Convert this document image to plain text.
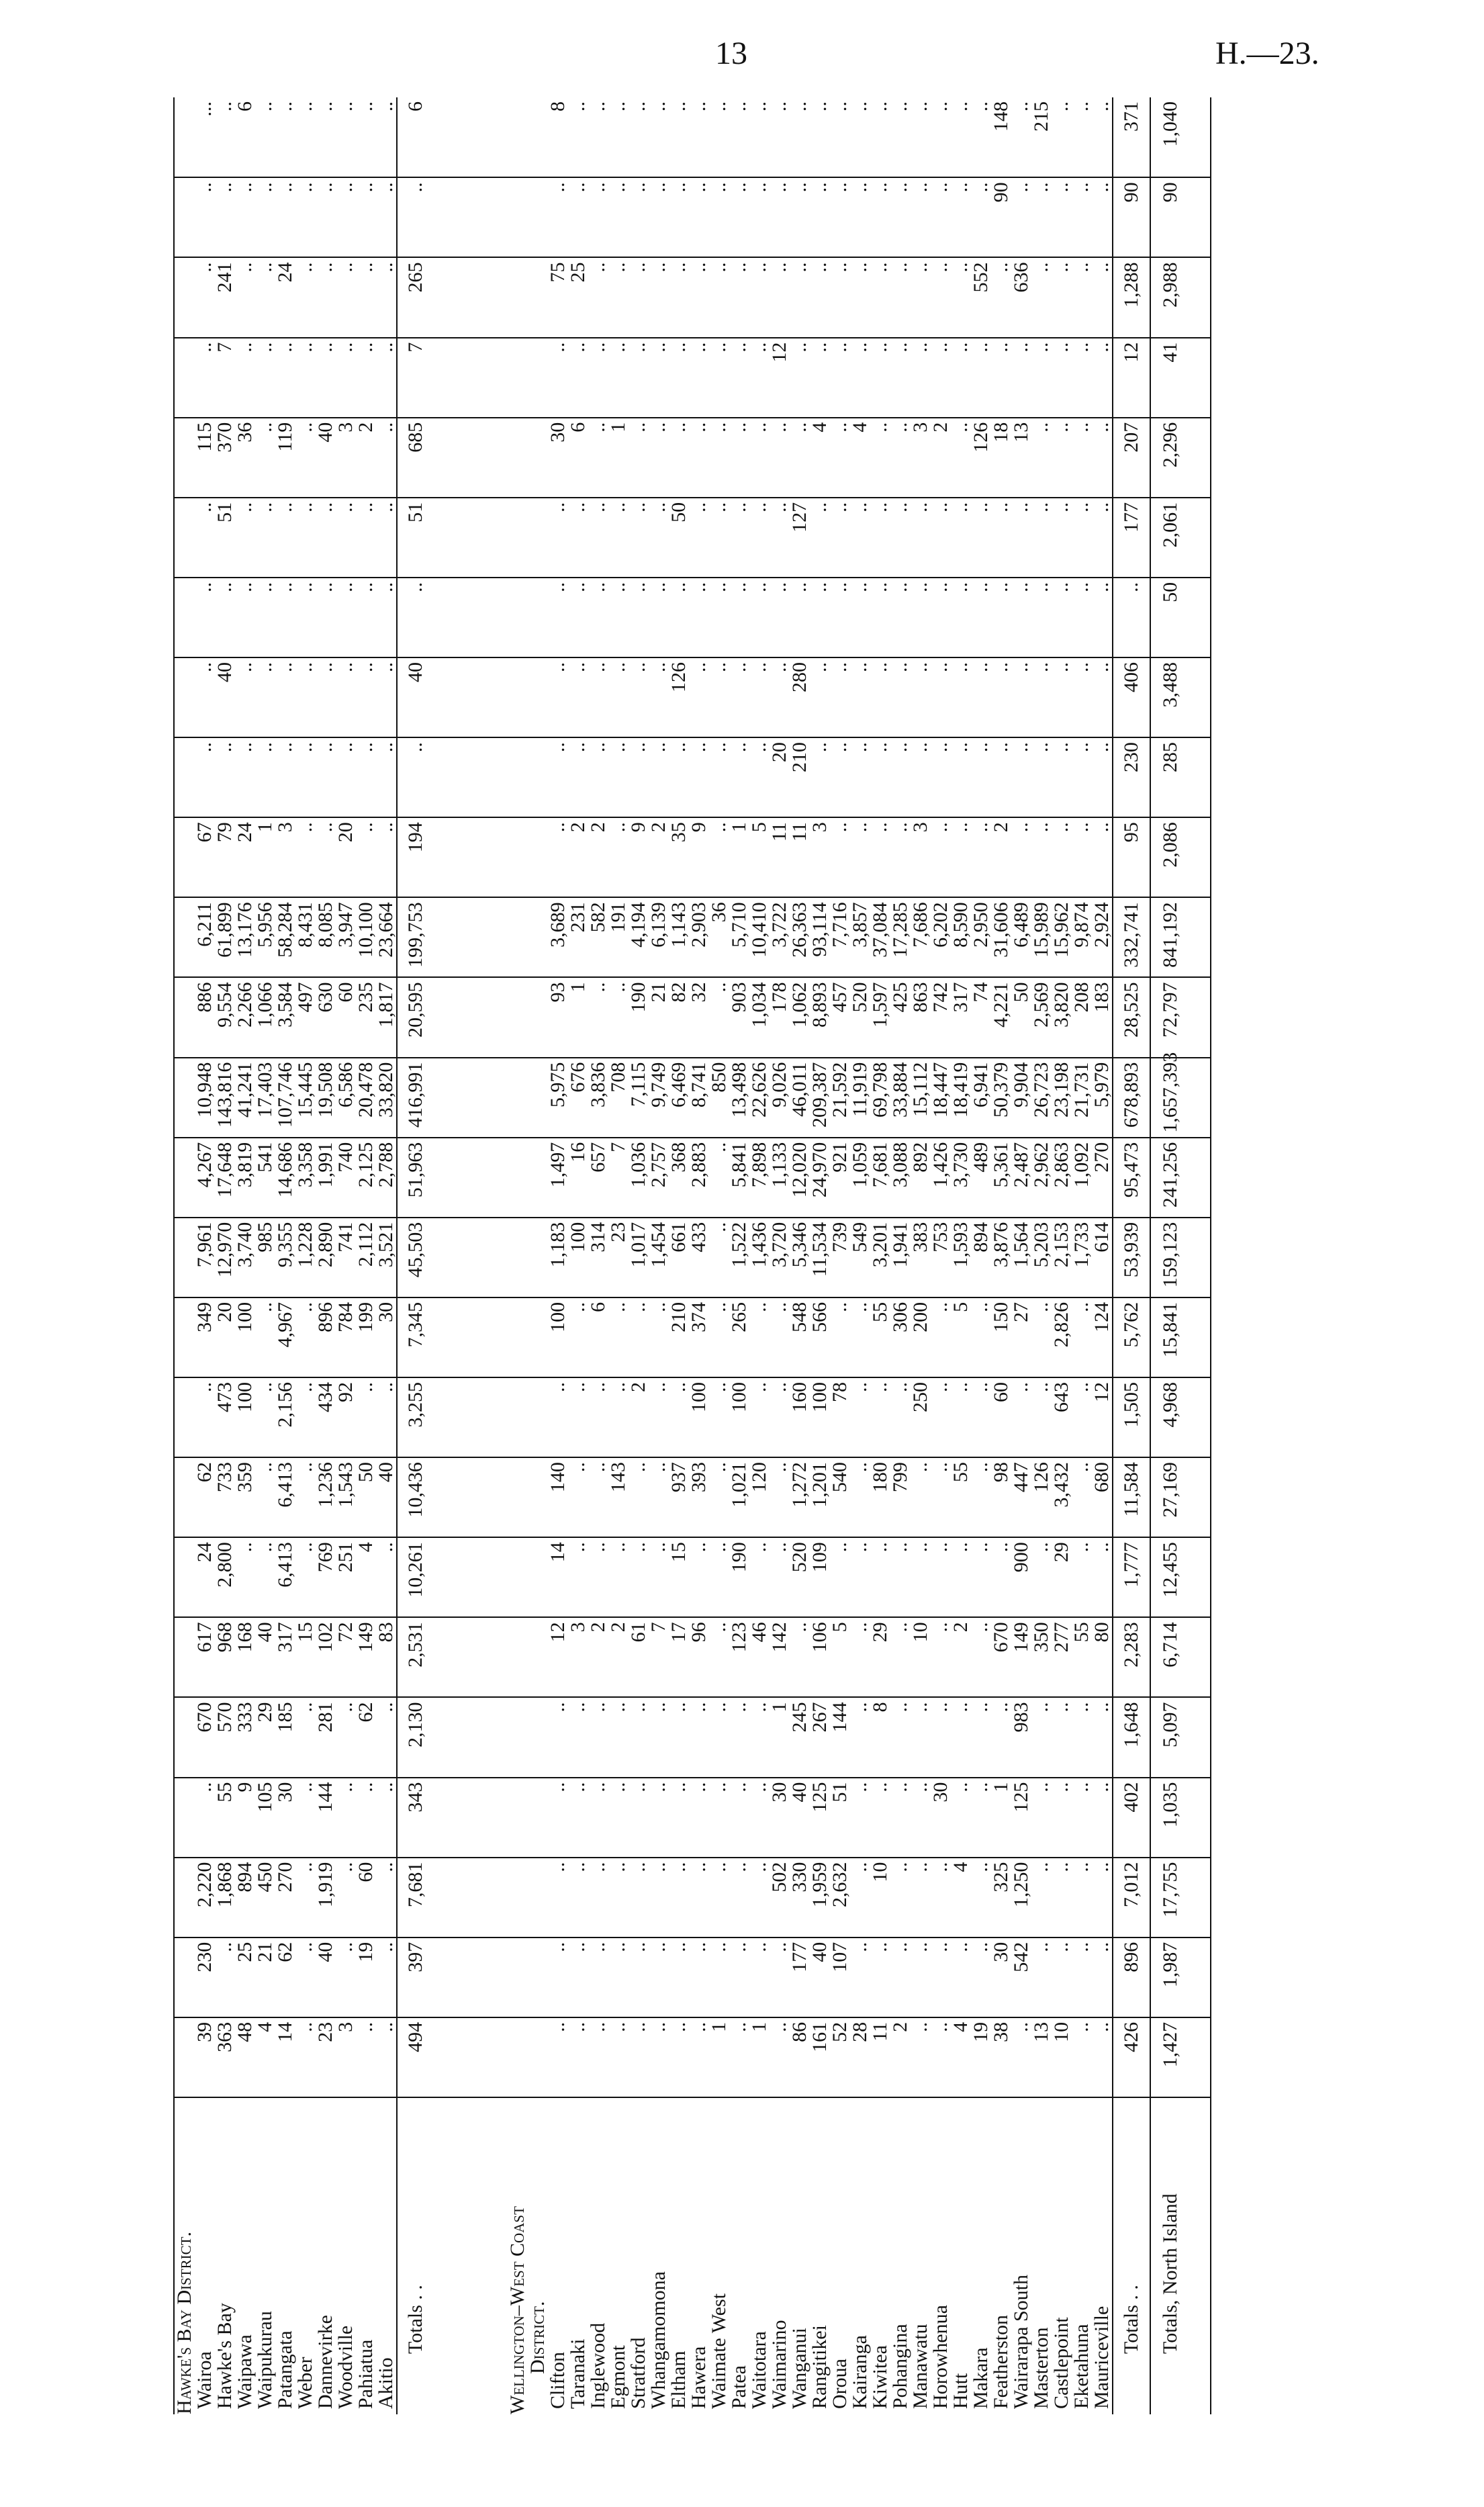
13	H.—23.

Hawke's Bay District.																									
Wairoa	39	230	2,220	..	670	617	24	62	..	349	7,961	4,267	10,948	886	6,211	67	..	..	..	..	115	..	..	..	...
Hawke's Bay	363	..	1,868	55	570	968	2,800	733	473	20	12,970	17,648	143,816	9,554	61,899	79	..	40	..	51	370	7	241	..	..
Waipawa	48	25	894	9	333	168	..	359	100	100	3,740	3,819	41,241	2,266	13,176	24	..	..	..	..	36	..	..	..	6
Waipukurau	4	21	450	105	29	40	..	..	..	..	985	541	17,403	1,066	5,956	1	..	..	..	..	..	..	..	..	..
Patangata	14	62	270	30	185	317	6,413	6,413	2,156	4,967	9,355	14,686	107,746	3,584	58,284	3	..	..	..	..	119	..	24	..	..
Weber	..	..	..	..	..	15	..	..	..	..	1,228	3,358	15,445	497	8,431	..	..	..	..	..	..	..	..	..	..
Dannevirke	23	40	1,919	144	281	102	769	1,236	434	896	2,890	1,991	19,508	630	8,085	..	..	..	..	..	40	..	..	..	..
Woodville	3	..	..	..	..	72	251	1,543	92	784	741	740	6,586	60	3,947	20	..	..	..	..	3	..	..	..	..
Pahiatua	..	19	60	..	62	149	4	50	..	199	2,112	2,125	20,478	235	10,100	..	..	..	..	..	2	..	..	..	..
Akitio	..	..	..	..	..	83	..	40	..	30	3,521	2,788	33,820	1,817	23,664	..	..	..	..	..	..	..	..	..	..
Totals . .	494	397	7,681	343	2,130	2,531	10,261	10,436	3,255	7,345	45,503	51,963	416,991	20,595	199,753	194	..	40	..	51	685	7	265	..	6

Wellington–West Coast																									
District.																									
Clifton	..	..	..	..	..	12	14	140	..	100	1,183	1,497	5,975	93	3,689	..	..	..	..	..	30	..	75	..	8
Taranaki	..	..	..	..	..	3	..	..	..	..	100	16	676	1	231	2	..	..	..	..	6	..	25	..	..
Inglewood	..	..	..	..	..	2	..	..	..	6	314	657	3,836	..	582	2	..	..	..	..	..	..	..	..	..
Egmont	..	..	..	..	..	2	..	143	..	..	23	7	708	..	191	..	..	..	..	..	1	..	..	..	..
Stratford	..	..	..	..	..	61	..	..	2	..	1,017	1,036	7,115	190	4,194	9	..	..	..	..	..	..	..	..	..
Whangamomona	..	..	..	..	..	7	..	..	..	..	1,454	2,757	9,749	21	6,139	2	..	..	..	..	..	..	..	..	..
Eltham	..	..	..	..	..	17	15	937	..	210	661	368	6,469	82	1,143	35	..	126	..	50	..	..	..	..	..
Hawera	..	..	..	..	..	96	..	393	100	374	433	2,883	8,741	32	2,903	9	..	..	..	..	..	..	..	..	..
Waimate West	1	..	..	..	..	..	..	..	..	..	..	..	850	..	36	..	..	..	..	..	..	..	..	..	..
Patea	..	..	..	..	..	123	190	1,021	100	265	1,522	5,841	13,498	903	5,710	1	..	..	..	..	..	..	..	..	..
Waitotara	1	..	..	..	..	46	..	120	..	..	1,436	7,898	22,626	1,034	10,410	5	..	..	..	..	..	..	..	..	..
Waimarino	..	..	502	30	1	142	..	..	..	..	3,720	1,133	9,026	178	3,722	11	20	..	..	..	..	12	..	..	..
Wanganui	86	177	330	40	245	..	520	1,272	160	548	5,346	12,020	46,011	1,062	26,363	11	210	280	..	127	..	..	..	..	..
Rangitikei	161	40	1,959	125	267	106	109	1,201	100	566	11,534	24,970	209,387	8,893	93,114	3	..	..	..	..	4	..	..	..	..
Oroua	52	107	2,632	51	144	5	..	540	78	..	739	921	21,592	457	7,716	..	..	..	..	..	..	..	..	..	..
Kairanga	28	..	..	..	..	..	..	..	..	..	549	1,059	11,919	520	3,857	..	..	..	..	..	4	..	..	..	..
Kiwitea	11	..	10	..	8	29	..	180	..	55	3,201	7,681	69,798	1,597	37,084	..	..	..	..	..	..	..	..	..	..
Pohangina	2	..	..	..	..	..	..	799	..	306	1,941	3,088	33,884	425	17,285	..	..	..	..	..	..	..	..	..	..
Manawatu	..	..	..	..	..	10	..	..	250	200	383	892	15,112	863	7,686	3	..	..	..	..	3	..	..	..	..
Horowhenua	..	..	..	30	..	..	..	..	..	..	753	1,426	18,447	742	6,202	..	..	..	..	..	2	..	..	..	..
Hutt	4	..	4	..	..	2	..	55	..	5	1,593	3,730	18,419	317	8,590	..	..	..	..	..	..	..	..	..	..
Makara	19	..	..	..	..	..	..	..	..	..	894	489	6,941	74	2,950	..	..	..	..	..	126	..	552	..	..
Featherston	38	30	325	1	..	670	..	98	60	150	3,876	5,361	50,379	4,221	31,606	2	..	..	..	..	18	..	..	90	148
Wairarapa South	..	542	1,250	125	983	149	900	447	..	27	1,564	2,487	9,904	50	6,489	..	..	..	..	..	13	..	636	..	..
Masterton	13	..	..	..	..	350	..	126	..	..	5,203	2,962	26,723	2,569	15,989	..	..	..	..	..	..	..	..	..	215
Castlepoint	10	..	..	..	..	277	29	3,432	643	2,826	2,153	2,863	23,198	3,820	15,962	..	..	..	..	..	..	..	..	..	..
Eketahuna	..	..	..	..	..	55	..	..	..	..	1,733	1,092	21,731	208	9,874	..	..	..	..	..	..	..	..	..	..
Mauriceville	..	..	..	..	..	80	..	680	12	124	614	270	5,979	183	2,924	..	..	..	..	..	..	..	..	..	..
Totals . .	426	896	7,012	402	1,648	2,283	1,777	11,584	1,505	5,762	53,939	95,473	678,893	28,525	332,741	95	230	406	..	177	207	12	1,288	90	371
Totals, North Island	1,427	1,987	17,755	1,035	5,097	6,714	12,455	27,169	4,968	15,841	159,123	241,256	1,657,393	72,797	841,192	2,086	285	3,488	50	2,061	2,296	41	2,988	90	1,040
